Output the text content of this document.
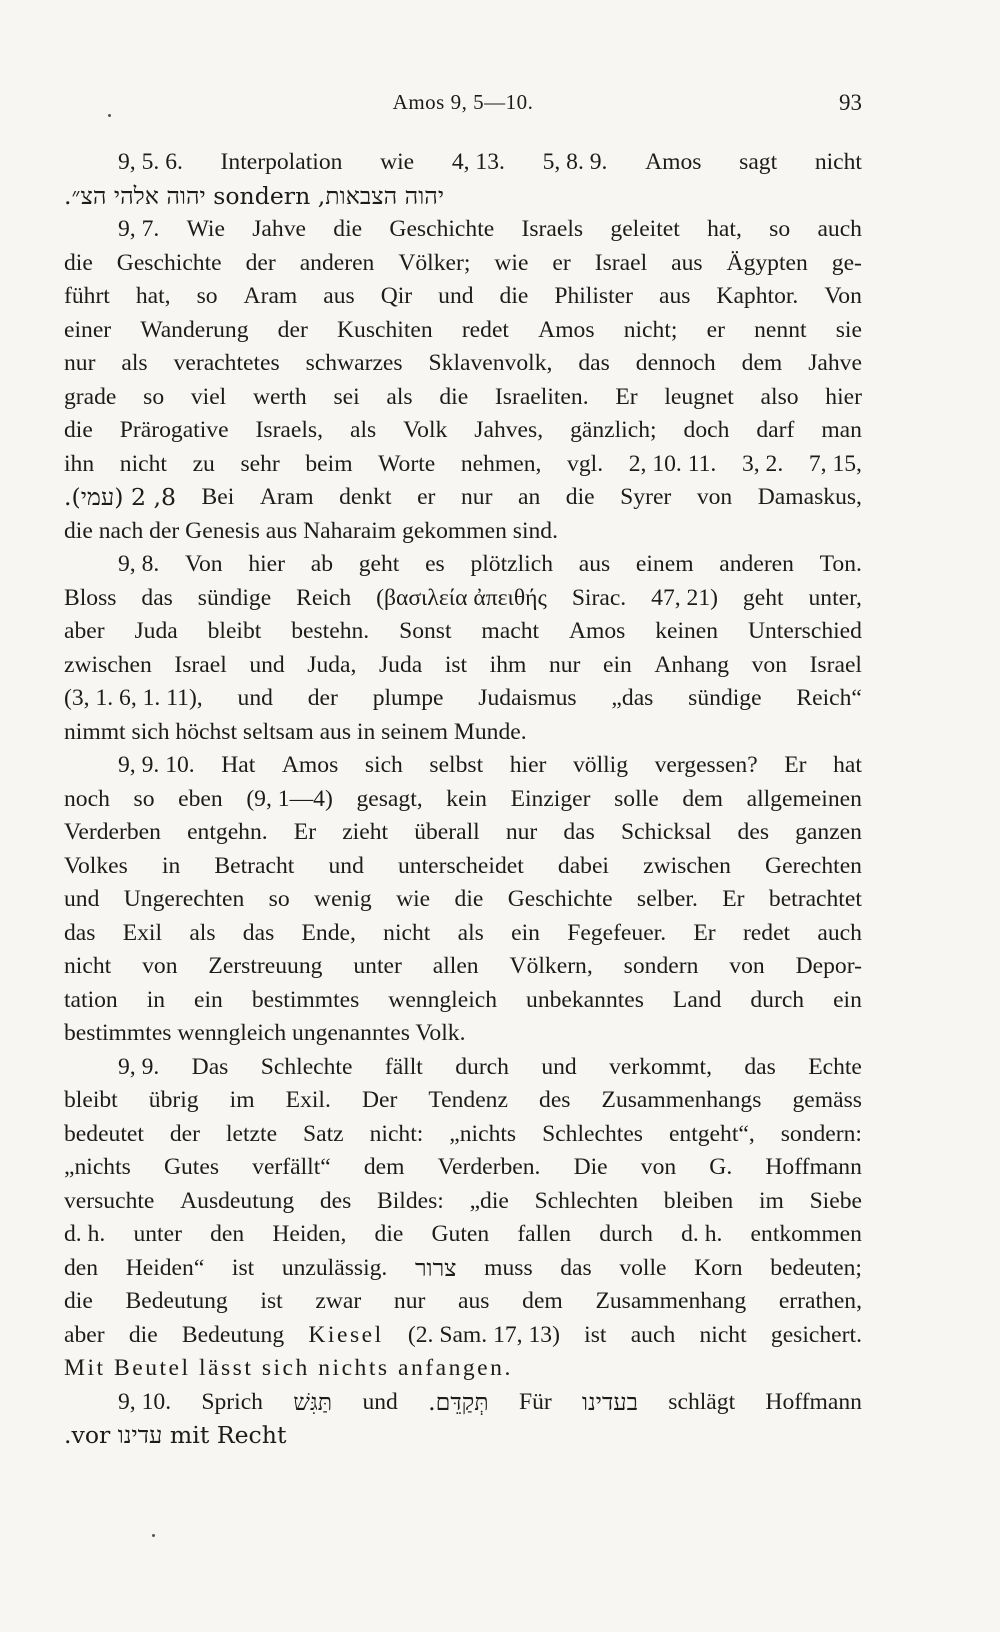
Amos 9, 5—10.	93
9, 5. 6. Interpolation wie 4, 13. 5, 8. 9. Amos sagt nicht
יהוה הצבאות, sondern יהוה אלהי הצ״.
9, 7. Wie Jahve die Geschichte Israels geleitet hat, so auch
die Geschichte der anderen Völker; wie er Israel aus Ägypten ge-
führt hat, so Aram aus Qir und die Philister aus Kaphtor. Von
einer Wanderung der Kuschiten redet Amos nicht; er nennt sie
nur als verachtetes schwarzes Sklavenvolk, das dennoch dem Jahve
grade so viel werth sei als die Israeliten. Er leugnet also hier
die Prärogative Israels, als Volk Jahves, gänzlich; doch darf man
ihn nicht zu sehr beim Worte nehmen, vgl. 2, 10. 11. 3, 2. 7, 15,
8, 2 (עמי). Bei Aram denkt er nur an die Syrer von Damaskus,
die nach der Genesis aus Naharaim gekommen sind.
9, 8. Von hier ab geht es plötzlich aus einem anderen Ton.
Bloss das sündige Reich (βασιλεία ἀπειθής Sirac. 47, 21) geht unter,
aber Juda bleibt bestehn. Sonst macht Amos keinen Unterschied
zwischen Israel und Juda, Juda ist ihm nur ein Anhang von Israel
(3, 1. 6, 1. 11), und der plumpe Judaismus „das sündige Reich“
nimmt sich höchst seltsam aus in seinem Munde.
9, 9. 10. Hat Amos sich selbst hier völlig vergessen? Er hat
noch so eben (9, 1—4) gesagt, kein Einziger solle dem allgemeinen
Verderben entgehn. Er zieht überall nur das Schicksal des ganzen
Volkes in Betracht und unterscheidet dabei zwischen Gerechten
und Ungerechten so wenig wie die Geschichte selber. Er betrachtet
das Exil als das Ende, nicht als ein Fegefeuer. Er redet auch
nicht von Zerstreuung unter allen Völkern, sondern von Depor-
tation in ein bestimmtes wenngleich unbekanntes Land durch ein
bestimmtes wenngleich ungenanntes Volk.
9, 9. Das Schlechte fällt durch und verkommt, das Echte
bleibt übrig im Exil. Der Tendenz des Zusammenhangs gemäss
bedeutet der letzte Satz nicht: „nichts Schlechtes entgeht“, sondern:
„nichts Gutes verfällt“ dem Verderben. Die von G. Hoffmann
versuchte Ausdeutung des Bildes: „die Schlechten bleiben im Siebe
d. h. unter den Heiden, die Guten fallen durch d. h. entkommen
den Heiden“ ist unzulässig. צרור muss das volle Korn bedeuten;
die Bedeutung ist zwar nur aus dem Zusammenhang errathen,
aber die Bedeutung Kiesel (2. Sam. 17, 13) ist auch nicht gesichert.
Mit Beutel lässt sich nichts anfangen.
9, 10. Sprich תַּגִּשׁ und תְּקַדֵּם. Für בעדינו schlägt Hoffmann
mit Recht עדינו vor.
